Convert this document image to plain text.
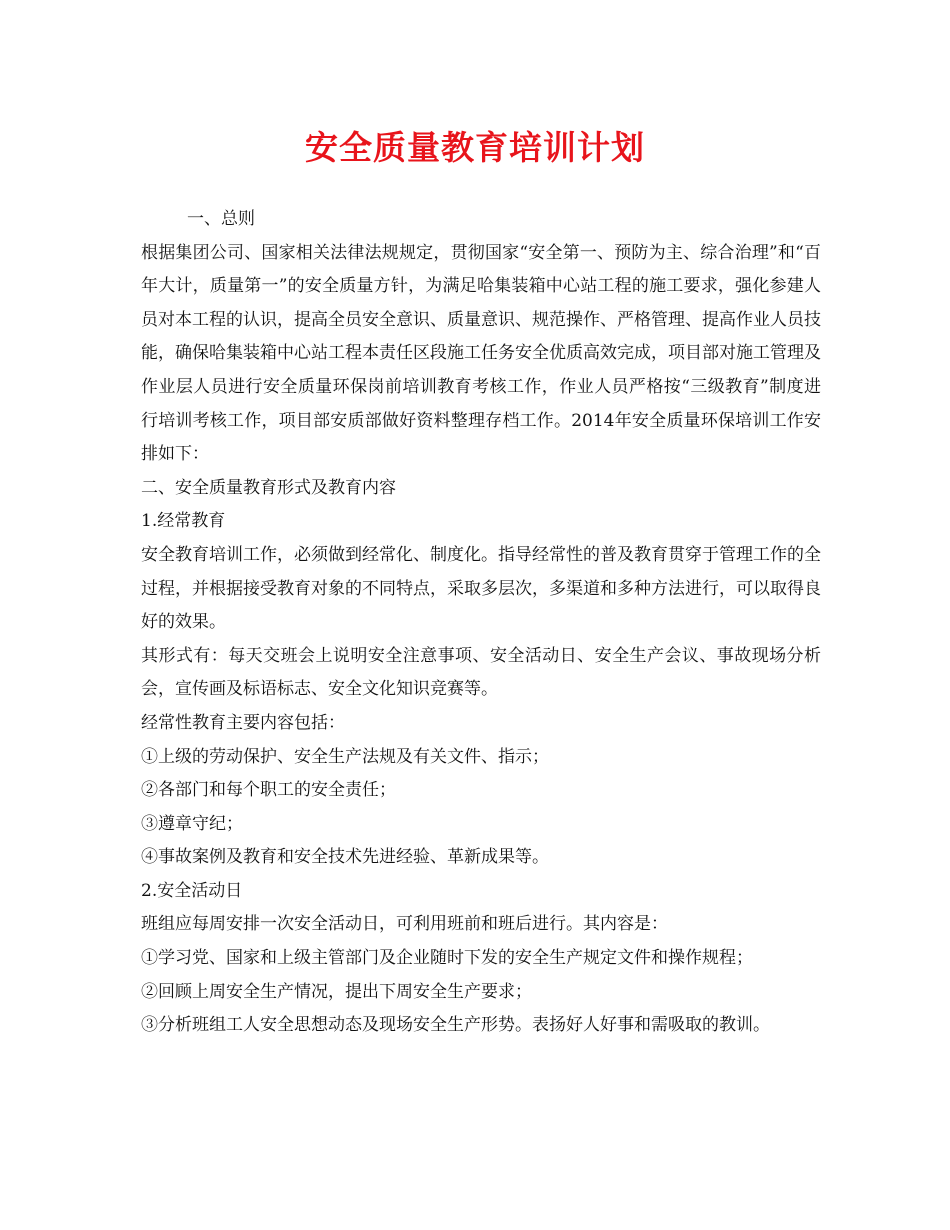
安全质量教育培训计划

一、总则

根据集团公司、国家相关法律法规规定，贯彻国家“安全第一、预防为主、综合治理”和“百年大计，质量第一”的安全质量方针，为满足哈集装箱中心站工程的施工要求，强化参建人员对本工程的认识，提高全员安全意识、质量意识、规范操作、严格管理、提高作业人员技能，确保哈集装箱中心站工程本责任区段施工任务安全优质高效完成，项目部对施工管理及作业层人员进行安全质量环保岗前培训教育考核工作，作业人员严格按“三级教育”制度进行培训考核工作，项目部安质部做好资料整理存档工作。2014年安全质量环保培训工作安排如下：

二、安全质量教育形式及教育内容

1.经常教育

安全教育培训工作，必须做到经常化、制度化。指导经常性的普及教育贯穿于管理工作的全过程，并根据接受教育对象的不同特点，采取多层次，多渠道和多种方法进行，可以取得良好的效果。

其形式有：每天交班会上说明安全注意事项、安全活动日、安全生产会议、事故现场分析会，宣传画及标语标志、安全文化知识竞赛等。

经常性教育主要内容包括：

①上级的劳动保护、安全生产法规及有关文件、指示；

②各部门和每个职工的安全责任；

③遵章守纪；

④事故案例及教育和安全技术先进经验、革新成果等。

2.安全活动日

班组应每周安排一次安全活动日，可利用班前和班后进行。其内容是：

①学习党、国家和上级主管部门及企业随时下发的安全生产规定文件和操作规程；

②回顾上周安全生产情况，提出下周安全生产要求；

③分析班组工人安全思想动态及现场安全生产形势。表扬好人好事和需吸取的教训。
